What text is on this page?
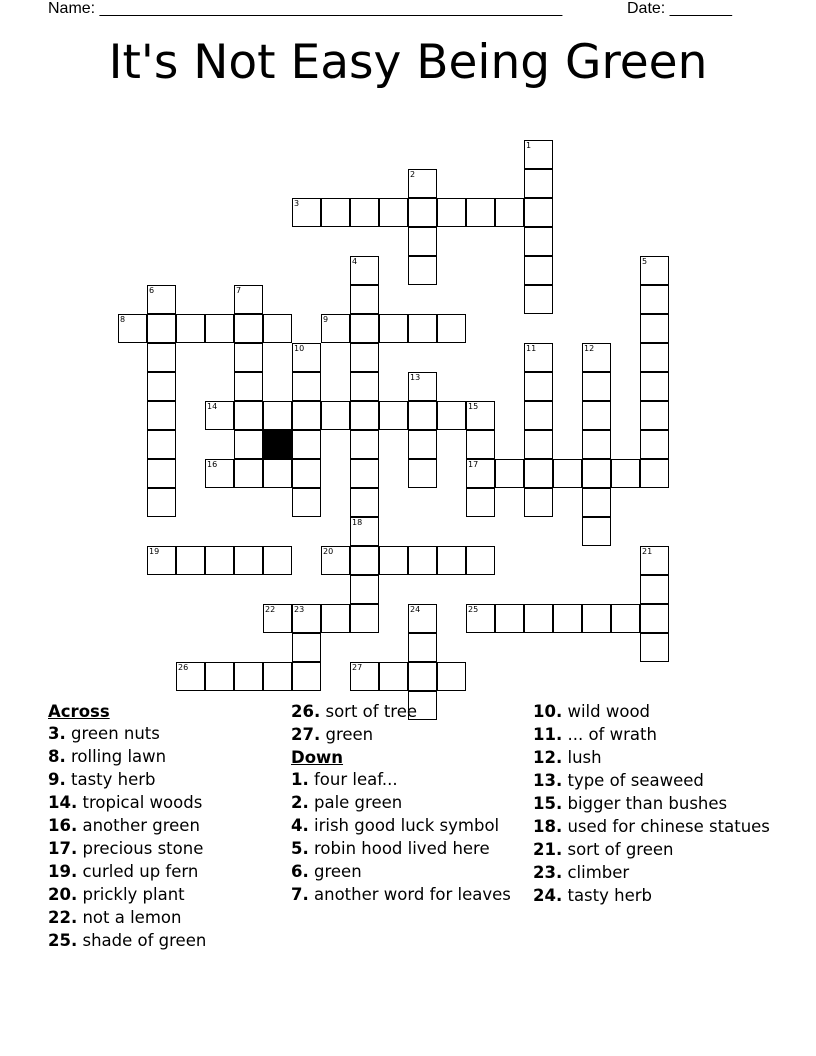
Name: ____________________________________________________	Date: _______
It's Not Easy Being Green
3
8	9
14	15
16	17
19	20
22 23	25
26	27
1
2
4	5
6	7
10	11	12
13
18
21
24
Across
3. green nuts
8. rolling lawn
9. tasty herb
14. tropical woods
16. another green
17. precious stone
19. curled up fern
20. prickly plant
22. not a lemon
25. shade of green
26. sort of tree
27. green
Down
1. four leaf...
2. pale green
4. irish good luck symbol
5. robin hood lived here
6. green
7. another word for leaves
10. wild wood
11. ... of wrath
12. lush
13. type of seaweed
15. bigger than bushes
18. used for chinese statues
21. sort of green
23. climber
24. tasty herb
